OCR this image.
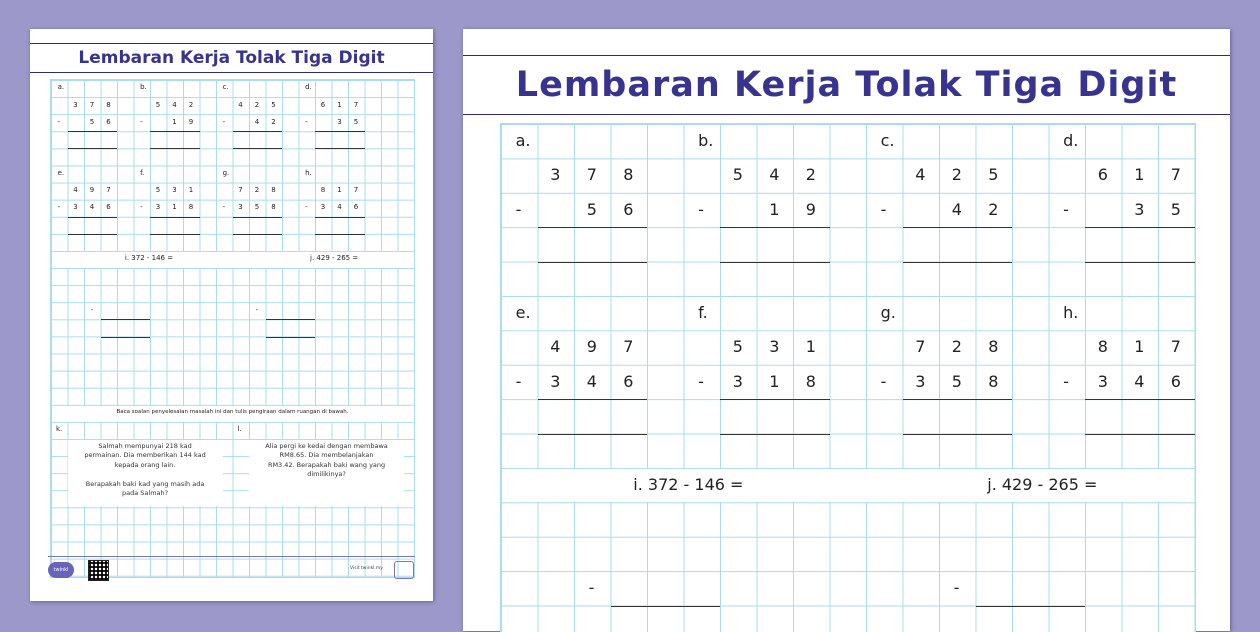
Lembaran Kerja Tolak Tiga Digit
a.
3 7 8
-	5 6
b.
5 4 2
-	1 9
c.
4 2 5
-	4 2
d.
6 1 7
-	3 5
e.
4 9 7
- 3 4 6
f.
5 3 1
- 3 1 8
g.
7 2 8
- 3 5 8
h.
8 1 7
- 3 4 6
i. 372 - 146 =
-
j. 429 - 265 =
-
Baca soalan penyelesaian masalah ini dan tulis pengiraan dalam ruangan di bawah.
k.
Salmah mempunyai 218 kad
permainan. Dia memberikan 144 kad
kepada orang lain.
Berapakah baki kad yang masih ada
pada Salmah?
l.
Alia pergi ke kedai dengan membawa
RM8.65. Dia membelanjakan
RM3.42. Berapakah baki wang yang
dimilikinya?
twinkl	Visit twinkl.my
Lembaran Kerja Tolak Tiga Digit
a.
3 7 8
-	5 6
b.
5 4 2
-	1 9
c.
4 2 5
-	4 2
d.
6 1 7
-	3 5
e.
4 9 7
- 3 4 6
f.
5 3 1
- 3 1 8
g.
7 2 8
- 3 5 8
h.
8 1 7
- 3 4 6
i. 372 - 146 =
-
j. 429 - 265 =
-
